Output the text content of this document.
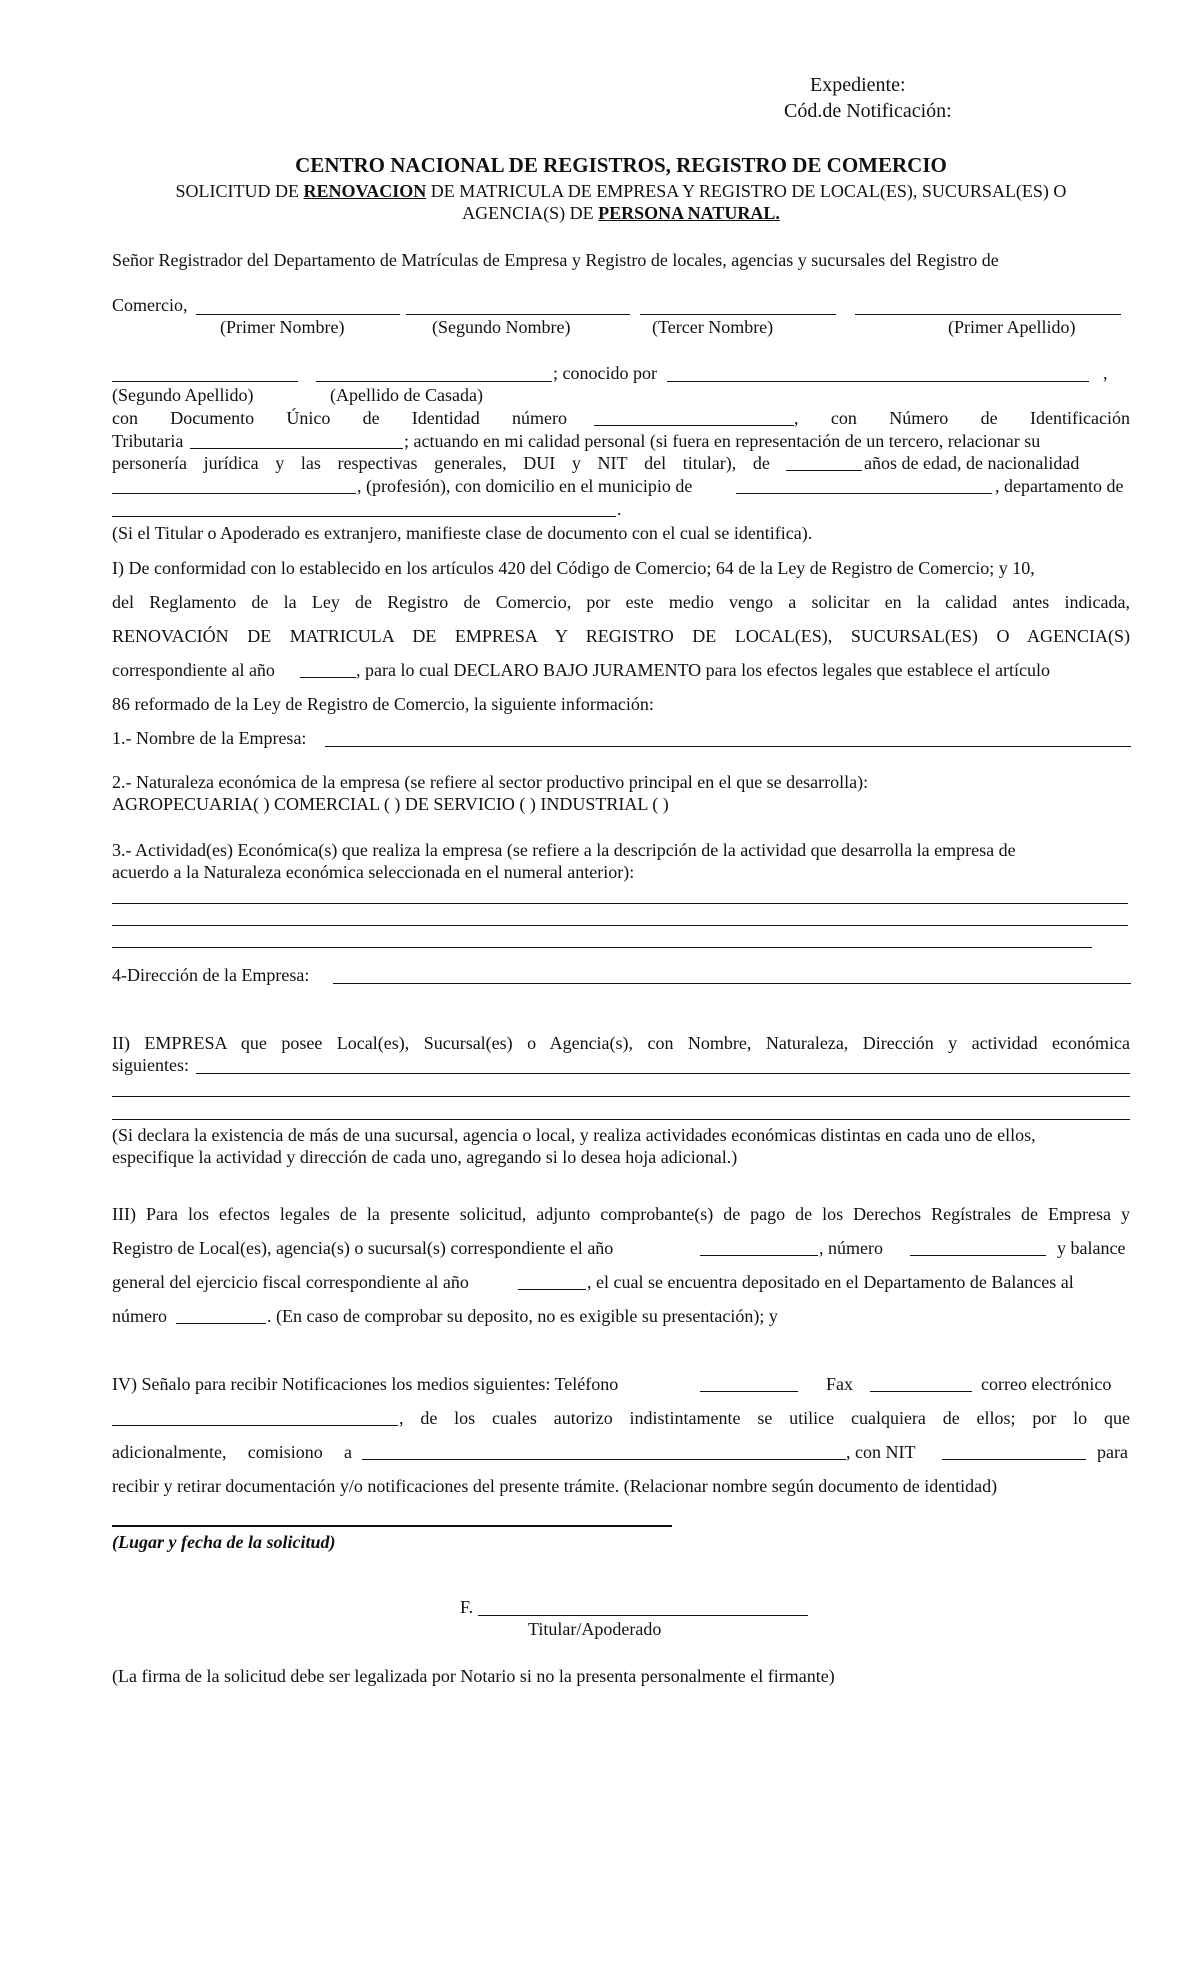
Expediente:
Cód.de Notificación:
CENTRO NACIONAL DE REGISTROS, REGISTRO DE COMERCIO
SOLICITUD DE RENOVACION DE MATRICULA DE EMPRESA Y REGISTRO DE LOCAL(ES), SUCURSAL(ES) O
AGENCIA(S) DE PERSONA NATURAL.
Señor Registrador del Departamento de Matrículas de Empresa y Registro de locales, agencias y sucursales del Registro de
Comercio,
(Primer Nombre)	(Segundo Nombre)	(Tercer Nombre)	(Primer Apellido)
; conocido por	,
(Segundo Apellido)	(Apellido de Casada)
con Documento Único de Identidad número	, con Número de Identificación
Tributaria	; actuando en mi calidad personal (si fuera en representación de un tercero, relacionar su
personería jurídica y las respectivas generales, DUI y NIT del titular), de	años de edad, de nacionalidad
, (profesión), con domicilio en el municipio de	, departamento de
.
(Si el Titular o Apoderado es extranjero, manifieste clase de documento con el cual se identifica).
I) De conformidad con lo establecido en los artículos 420 del Código de Comercio; 64 de la Ley de Registro de Comercio; y 10,
del Reglamento de la Ley de Registro de Comercio, por este medio vengo a solicitar en la calidad antes indicada,
RENOVACIÓN DE MATRICULA DE EMPRESA Y REGISTRO DE LOCAL(ES), SUCURSAL(ES) O AGENCIA(S)
correspondiente al año	, para lo cual DECLARO BAJO JURAMENTO para los efectos legales que establece el artículo
86 reformado de la Ley de Registro de Comercio, la siguiente información:
1.- Nombre de la Empresa:
2.- Naturaleza económica de la empresa (se refiere al sector productivo principal en el que se desarrolla):
AGROPECUARIA( ) COMERCIAL ( ) DE SERVICIO ( ) INDUSTRIAL ( )
3.- Actividad(es) Económica(s) que realiza la empresa (se refiere a la descripción de la actividad que desarrolla la empresa de
acuerdo a la Naturaleza económica seleccionada en el numeral anterior):
4-Dirección de la Empresa:
II) EMPRESA que posee Local(es), Sucursal(es) o Agencia(s), con Nombre, Naturaleza, Dirección y actividad económica
siguientes:
(Si declara la existencia de más de una sucursal, agencia o local, y realiza actividades económicas distintas en cada uno de ellos,
especifique la actividad y dirección de cada uno, agregando si lo desea hoja adicional.)
III) Para los efectos legales de la presente solicitud, adjunto comprobante(s) de pago de los Derechos Regístrales de Empresa y
Registro de Local(es), agencia(s) o sucursal(s) correspondiente el año	, número	y balance
general del ejercicio fiscal correspondiente al año	, el cual se encuentra depositado en el Departamento de Balances al
número	. (En caso de comprobar su deposito, no es exigible su presentación); y
IV) Señalo para recibir Notificaciones los medios siguientes: Teléfono	Fax	correo electrónico
, de los cuales autorizo indistintamente se utilice cualquiera de ellos; por lo que
adicionalmente, comisiono a	, con NIT	para
recibir y retirar documentación y/o notificaciones del presente trámite. (Relacionar nombre según documento de identidad)
(Lugar y fecha de la solicitud)
F.
Titular/Apoderado
(La firma de la solicitud debe ser legalizada por Notario si no la presenta personalmente el firmante)
